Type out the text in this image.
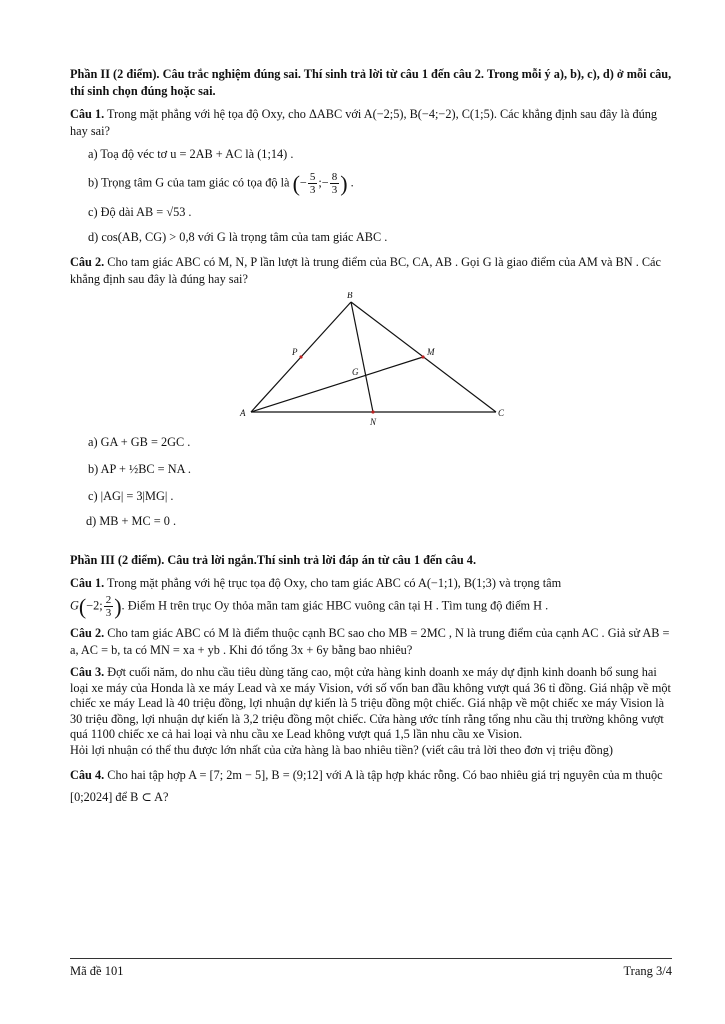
Phần II (2 điểm). Câu trắc nghiệm đúng sai. Thí sinh trả lời từ câu 1 đến câu 2. Trong mỗi ý a), b), c), d) ở mỗi câu, thí sinh chọn đúng hoặc sai.

Câu 1. Trong mặt phẳng với hệ tọa độ Oxy, cho ΔABC với A(−2;5), B(−4;−2), C(1;5). Các khẳng định sau đây là đúng hay sai?

a) Toạ độ véc tơ u = 2AB + AC là (1;14) .

b) Trọng tâm G của tam giác có tọa độ là (− $\frac{5}{3}$ ;− $\frac{8}{3}$ ) .

c) Độ dài AB = √53 .

d) cos(AB, CG) > 0,8 với G là trọng tâm của tam giác ABC .

Câu 2. Cho tam giác ABC có M, N, P lần lượt là trung điểm của BC, CA, AB . Gọi G là giao điểm của AM và BN . Các khẳng định sau đây là đúng hay sai?

B
A	C
M
N
P
G

a) GA + GB = 2GC .

b) AP + ½BC = NA .

c) |AG| = 3|MG| .

d) MB + MC = 0 .

Phần III (2 điểm). Câu trả lời ngắn.Thí sinh trả lời đáp án từ câu 1 đến câu 4.

Câu 1. Trong mặt phẳng với hệ trục tọa độ Oxy, cho tam giác ABC có A(−1;1), B(1;3) và trọng tâm

G(−2; $\frac{2}{3}$ ). Điểm H trên trục Oy thỏa mãn tam giác HBC vuông cân tại H . Tìm tung độ điểm H .

Câu 2. Cho tam giác ABC có M là điểm thuộc cạnh BC sao cho MB = 2MC , N là trung điểm của cạnh AC . Giả sử AB = a, AC = b, ta có MN = xa + yb . Khi đó tổng 3x + 6y bằng bao nhiêu?

Câu 3. Đợt cuối năm, do nhu cầu tiêu dùng tăng cao, một cửa hàng kinh doanh xe máy dự định kinh doanh bổ sung hai loại xe máy của Honda là xe máy Lead và xe máy Vision, với số vốn ban đầu không vượt quá 36 tỉ đồng. Giá nhập về một chiếc xe máy Lead là 40 triệu đồng, lợi nhuận dự kiến là 5 triệu đồng một chiếc. Giá nhập về một chiếc xe máy Vision là 30 triệu đồng, lợi nhuận dự kiến là 3,2 triệu đồng một chiếc. Cửa hàng ước tính rằng tổng nhu cầu thị trường không vượt quá 1100 chiếc xe cả hai loại và nhu cầu xe Lead không vượt quá 1,5 lần nhu cầu xe Vision.

Hỏi lợi nhuận có thể thu được lớn nhất của cửa hàng là bao nhiêu tiền? (viết câu trả lời theo đơn vị triệu đồng)

Câu 4. Cho hai tập hợp A = [7; 2m − 5], B = (9;12] với A là tập hợp khác rỗng. Có bao nhiêu giá trị nguyên của m thuộc [0;2024] để B ⊂ A?

Mã đề 101	Trang 3/4
